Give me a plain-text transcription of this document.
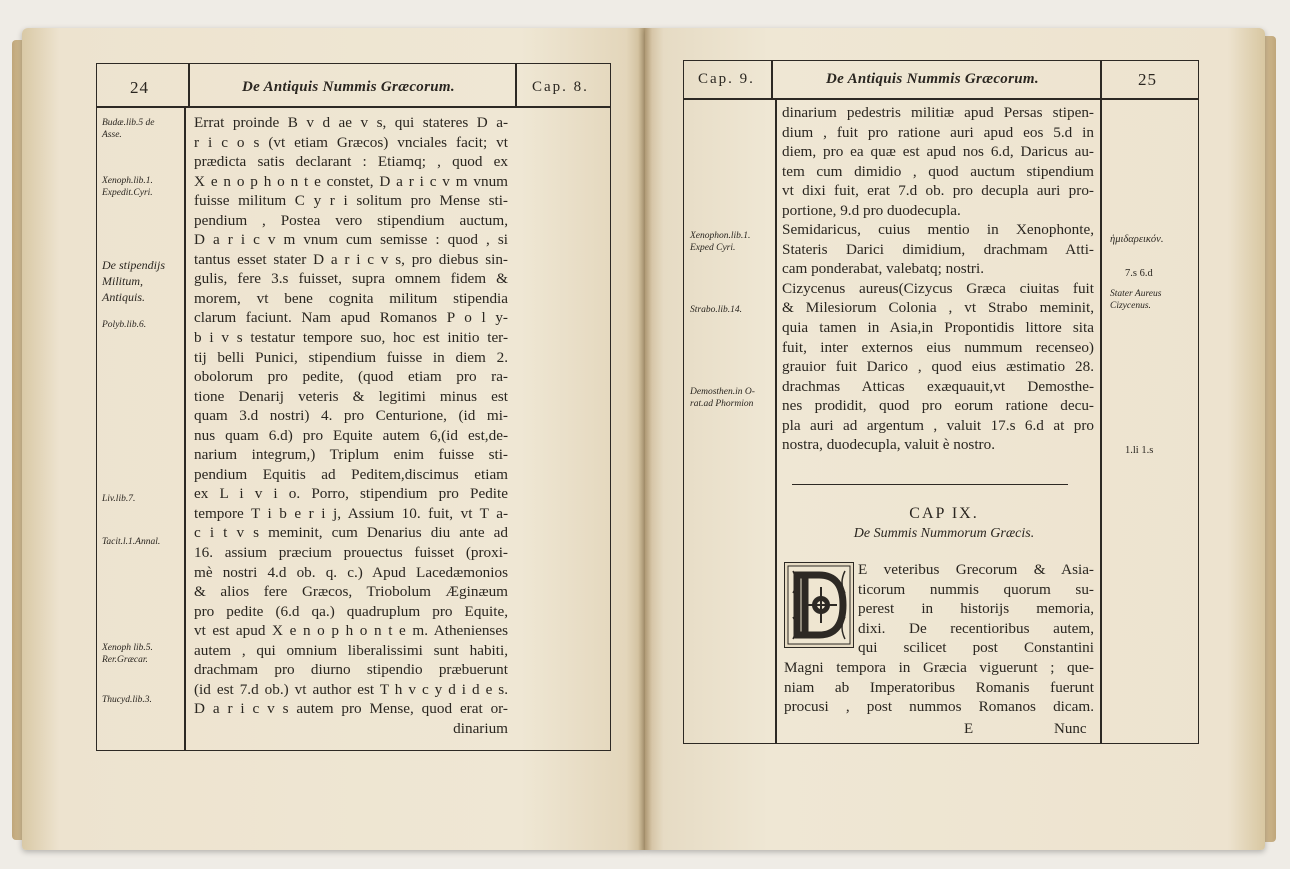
24	De Antiquis Nummis Græcorum.	Cap. 8.
Budæ.lib.5 de
Asse.
Xenoph.lib.1.
Expedit.Cyri.
De stipendijs
Militum,
Antiquis.
Polyb.lib.6.
Liv.lib.7.
Tacit.l.1.Annal.
Xenoph lib.5.
Rer.Græcar.
Thucyd.lib.3.
Errat proinde B v d ae v s, qui stateres D a-
r i c o s (vt etiam Græcos) vnciales facit; vt
prædicta satis declarant : Etiamq; , quod ex
X e n o p h o n t e constet, D a r i c v m vnum
fuisse militum C y r i solitum pro Mense sti-
pendium , Postea vero stipendium auctum,
D a r i c v m vnum cum semisse : quod , si
tantus esset stater D a r i c v s, pro diebus sin-
gulis, fere 3.s fuisset, supra omnem fidem &
morem, vt bene cognita militum stipendia
clarum faciunt. Nam apud Romanos P o l y-
b i v s testatur tempore suo, hoc est initio ter-
tij belli Punici, stipendium fuisse in diem 2.
obolorum pro pedite, (quod etiam pro ra-
tione Denarij veteris & legitimi minus est
quam 3.d nostri) 4. pro Centurione, (id mi-
nus quam 6.d) pro Equite autem 6,(id est,de-
narium integrum,) Triplum enim fuisse sti-
pendium Equitis ad Peditem,discimus etiam
ex L i v i o. Porro, stipendium pro Pedite
tempore T i b e r i j, Assium 10. fuit, vt T a-
c i t v s meminit, cum Denarius diu ante ad
16. assium præcium prouectus fuisset (proxi-
mè nostri 4.d ob. q. c.) Apud Lacedæmonios
& alios fere Græcos, Triobolum Æginæum
pro pedite (6.d qa.) quadruplum pro Equite,
vt est apud X e n o p h o n t e m. Athenienses
autem , qui omnium liberalissimi sunt habiti,
drachmam pro diurno stipendio præbuerunt
(id est 7.d ob.) vt author est T h v c y d i d e s.
D a r i c v s autem pro Mense, quod erat or-
dinarium
Cap. 9.	De Antiquis Nummis Græcorum.	25
Xenophon.lib.1.
Exped Cyri.
Strabo.lib.14.
Demosthen.in O-
rat.ad Phormion
ἡμιδαρεικόν.
7.s 6.d
Stater Aureus
Cizycenus.
1.li 1.s
dinarium pedestris militiæ apud Persas stipen-
dium , fuit pro ratione auri apud eos 5.d in
diem, pro ea quæ est apud nos 6.d, Daricus au-
tem cum dimidio , quod auctum stipendium
vt dixi fuit, erat 7.d ob. pro decupla auri pro-
portione, 9.d pro duodecupla.
Semidaricus, cuius mentio in Xenophonte,
Stateris Darici dimidium, drachmam Atti-
cam ponderabat, valebatq; nostri.
Cizycenus aureus(Cizycus Græca ciuitas fuit
& Milesiorum Colonia , vt Strabo meminit,
quia tamen in Asia,in Propontidis littore sita
fuit, inter externos eius nummum recenseo)
grauior fuit Darico , quod eius æstimatio 28.
drachmas Atticas exæquauit,vt Demosthe-
nes prodidit, quod pro eorum ratione decu-
pla auri ad argentum , valuit 17.s 6.d at pro
nostra, duodecupla, valuit è nostro.
CAP IX.
De Summis Nummorum Græcis.
D
E veteribus Grecorum & Asia-
ticorum nummis quorum su-
perest in historijs memoria,
dixi. De recentioribus autem,
qui scilicet post Constantini
Magni tempora in Græcia viguerunt ; que-
niam ab Imperatoribus Romanis fuerunt
procusi , post nummos Romanos dicam.
E	Nunc
